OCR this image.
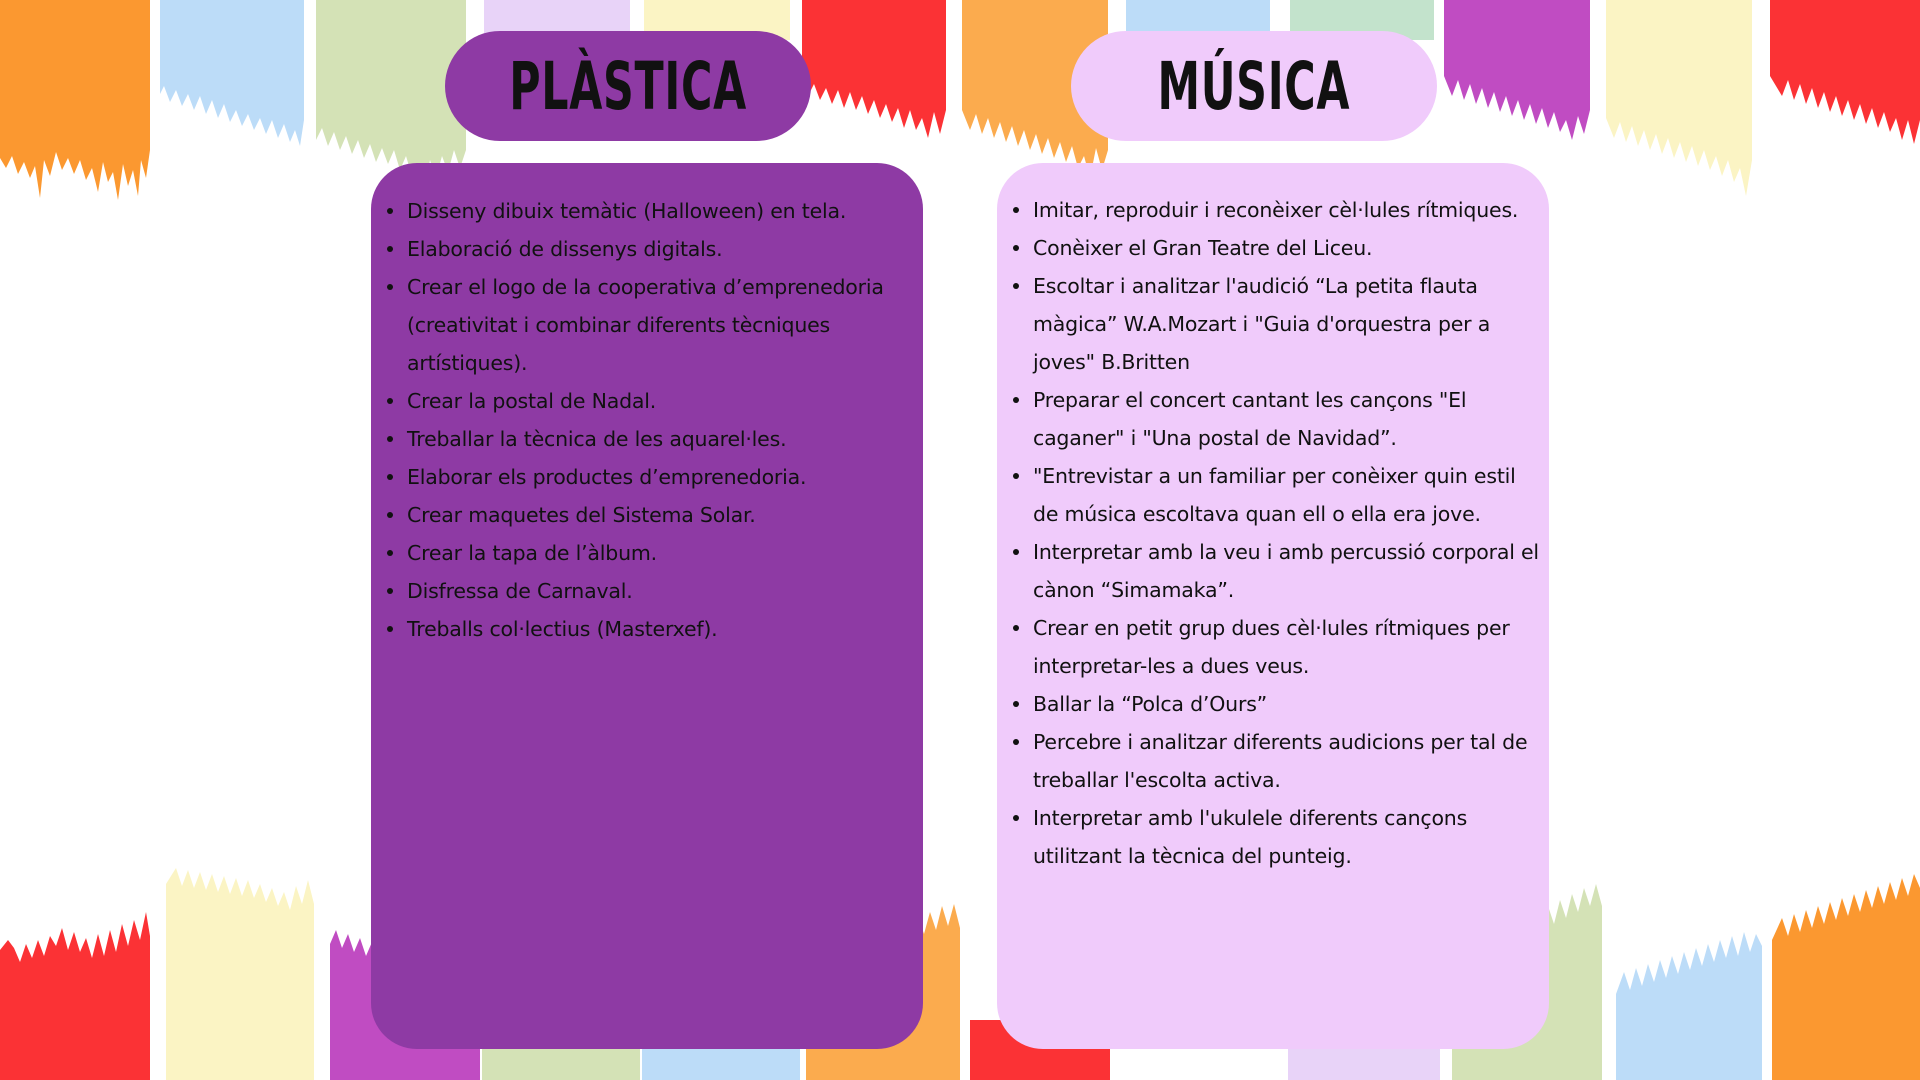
PLÀSTICA
Disseny dibuix temàtic (Halloween) en tela.
Elaboració de dissenys digitals.
Crear el logo de la cooperativa d’emprenedoria (creativitat i combinar diferents tècniques artístiques).
Crear la postal de Nadal.
Treballar la tècnica de les aquarel·les.
Elaborar els productes d’emprenedoria.
Crear maquetes del Sistema Solar.
Crear la tapa de l’àlbum.
Disfressa de Carnaval.
Treballs col·lectius (Masterxef).
MÚSICA
Imitar, reproduir i reconèixer cèl·lules rítmiques.
Conèixer el Gran Teatre del Liceu.
Escoltar i analitzar l'audició “La petita flauta màgica” W.A.Mozart i "Guia d'orquestra per a joves" B.Britten
Preparar el concert cantant les cançons "El caganer" i "Una postal de Navidad”.
"Entrevistar a un familiar per conèixer quin estil de música escoltava quan ell o ella era jove.
Interpretar amb la veu i amb percussió corporal el cànon “Simamaka”.
Crear en petit grup dues cèl·lules rítmiques per interpretar-les a dues veus.
Ballar la “Polca d’Ours”
Percebre i analitzar diferents audicions per tal de treballar l'escolta activa.
Interpretar amb l'ukulele diferents cançons utilitzant la tècnica del punteig.
